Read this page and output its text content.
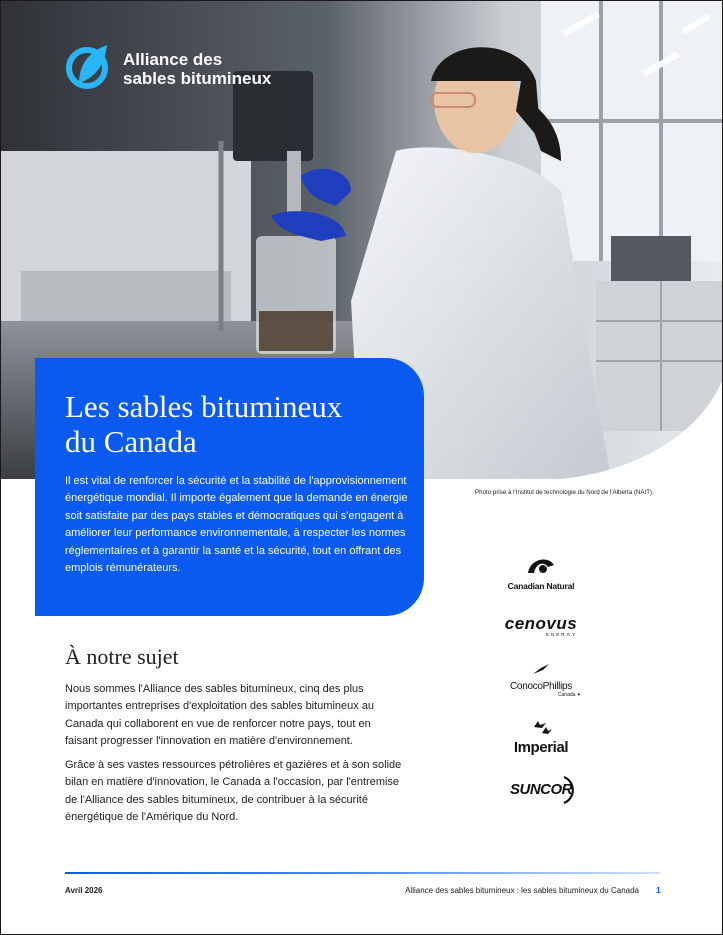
Alliance des
sables bitumineux
Les sables bitumineux
du Canada

Il est vital de renforcer la sécurité et la stabilité de l'approvisionnement énergétique mondial. Il importe également que la demande en énergie soit satisfaite par des pays stables et démocratiques qui s'engagent à améliorer leur performance environnementale, à respecter les normes réglementaires et à garantir la santé et la sécurité, tout en offrant des emplois rémunérateurs.

Photo prise à l'Institut de technologie du Nord de l'Alberta (NAIT).
Canadian Natural
cenovus
ENERGY
ConocoPhillips
Canada ✦
Imperial
SUNCOR
À notre sujet

Nous sommes l'Alliance des sables bitumineux, cinq des plus importantes entreprises d'exploitation des sables bitumineux au Canada qui collaborent en vue de renforcer notre pays, tout en faisant progresser l'innovation en matière d'environnement.

Grâce à ses vastes ressources pétrolières et gazières et à son solide bilan en matière d'innovation, le Canada a l'occasion, par l'entremise de l'Alliance des sables bitumineux, de contribuer à la sécurité énergétique de l'Amérique du Nord.

Avril 2026	Alliance des sables bitumineux : les sables bitumineux du Canada 1
